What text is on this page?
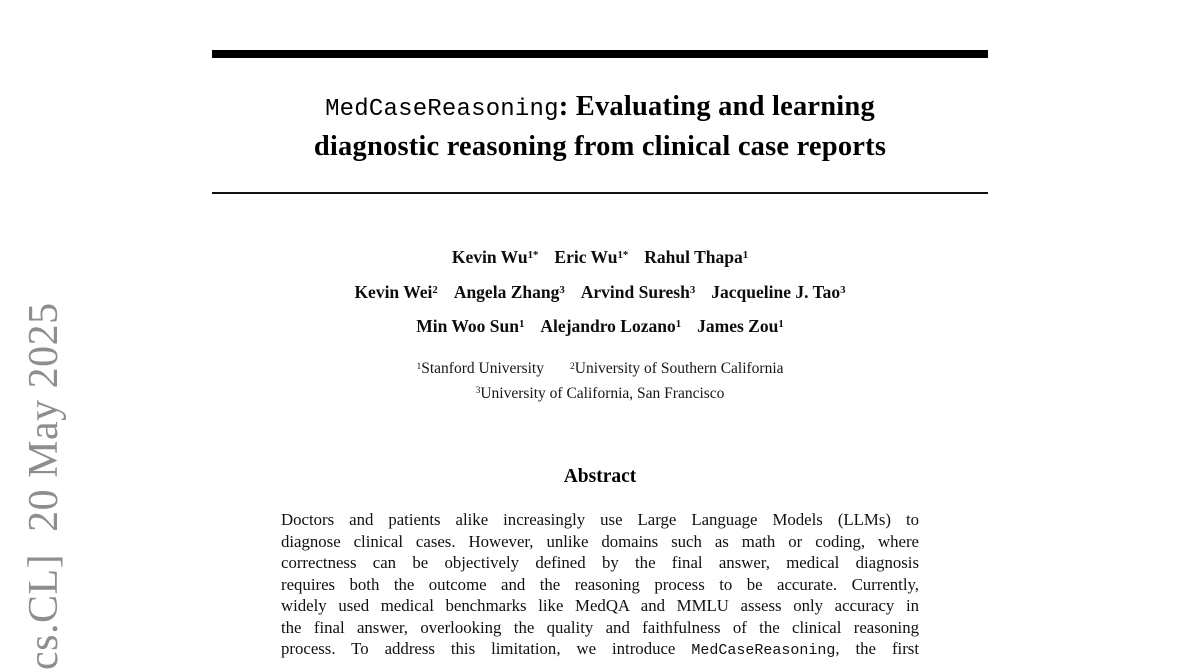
cs.CL]  20 May 2025
MedCaseReasoning: Evaluating and learning
diagnostic reasoning from clinical case reports
Kevin $Wu^{1*}$ Eric $Wu^{1*}$ Rahul Thapa$^1$
Kevin Wei$^2$ Angela Zhang$^3$ Arvind Suresh$^3$ Jacqueline J. Tao$^3$
Min Woo Sun$^1$ Alejandro Lozano$^1$ James Zou$^1$
$^1$Stanford University	$^2$University of Southern California
$^3$University of California, San Francisco
Abstract
Doctors and patients alike increasingly use Large Language Models (LLMs) to
diagnose clinical cases. However, unlike domains such as math or coding, where
correctness can be objectively defined by the final answer, medical diagnosis
requires both the outcome and the reasoning process to be accurate. Currently,
widely used medical benchmarks like MedQA and MMLU assess only accuracy in
the final answer, overlooking the quality and faithfulness of the clinical reasoning
process. To address this limitation, we introduce MedCaseReasoning, the first
